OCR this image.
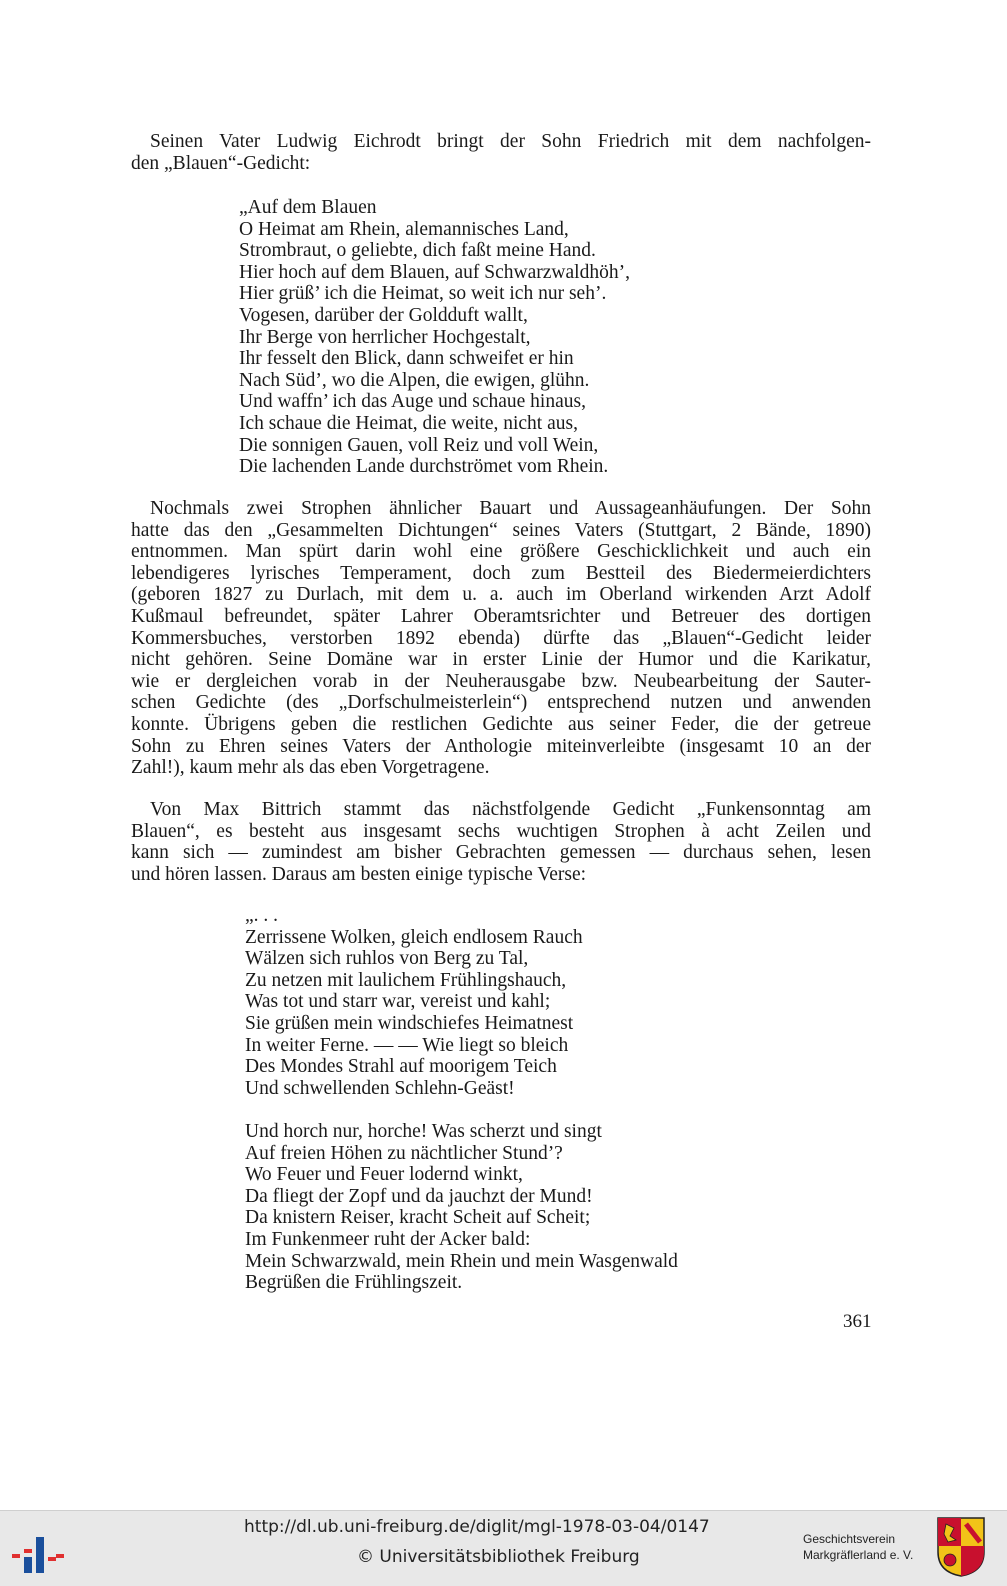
Seinen Vater Ludwig Eichrodt bringt der Sohn Friedrich mit dem nachfolgen-
den „Blauen“-Gedicht:
„Auf dem Blauen
O Heimat am Rhein, alemannisches Land,
Strombraut, o geliebte, dich faßt meine Hand.
Hier hoch auf dem Blauen, auf Schwarzwaldhöh’,
Hier grüß’ ich die Heimat, so weit ich nur seh’.
Vogesen, darüber der Goldduft wallt,
Ihr Berge von herrlicher Hochgestalt,
Ihr fesselt den Blick, dann schweifet er hin
Nach Süd’, wo die Alpen, die ewigen, glühn.
Und waffn’ ich das Auge und schaue hinaus,
Ich schaue die Heimat, die weite, nicht aus,
Die sonnigen Gauen, voll Reiz und voll Wein,
Die lachenden Lande durchströmet vom Rhein.
Nochmals zwei Strophen ähnlicher Bauart und Aussageanhäufungen. Der Sohn
hatte das den „Gesammelten Dichtungen“ seines Vaters (Stuttgart, 2 Bände, 1890)
entnommen. Man spürt darin wohl eine größere Geschicklichkeit und auch ein
lebendigeres lyrisches Temperament, doch zum Bestteil des Biedermeierdichters
(geboren 1827 zu Durlach, mit dem u. a. auch im Oberland wirkenden Arzt Adolf
Kußmaul befreundet, später Lahrer Oberamtsrichter und Betreuer des dortigen
Kommersbuches, verstorben 1892 ebenda) dürfte das „Blauen“-Gedicht leider
nicht gehören. Seine Domäne war in erster Linie der Humor und die Karikatur,
wie er dergleichen vorab in der Neuherausgabe bzw. Neubearbeitung der Sauter-
schen Gedichte (des „Dorfschulmeisterlein“) entsprechend nutzen und anwenden
konnte. Übrigens geben die restlichen Gedichte aus seiner Feder, die der getreue
Sohn zu Ehren seines Vaters der Anthologie miteinverleibte (insgesamt 10 an der
Zahl!), kaum mehr als das eben Vorgetragene.
Von Max Bittrich stammt das nächstfolgende Gedicht „Funkensonntag am
Blauen“, es besteht aus insgesamt sechs wuchtigen Strophen à acht Zeilen und
kann sich — zumindest am bisher Gebrachten gemessen — durchaus sehen, lesen
und hören lassen. Daraus am besten einige typische Verse:
„. . .
Zerrissene Wolken, gleich endlosem Rauch
Wälzen sich ruhlos von Berg zu Tal,
Zu netzen mit laulichem Frühlingshauch,
Was tot und starr war, vereist und kahl;
Sie grüßen mein windschiefes Heimatnest
In weiter Ferne. — — Wie liegt so bleich
Des Mondes Strahl auf moorigem Teich
Und schwellenden Schlehn-Geäst!
Und horch nur, horche! Was scherzt und singt
Auf freien Höhen zu nächtlicher Stund’?
Wo Feuer und Feuer lodernd winkt,
Da fliegt der Zopf und da jauchzt der Mund!
Da knistern Reiser, kracht Scheit auf Scheit;
Im Funkenmeer ruht der Acker bald:
Mein Schwarzwald, mein Rhein und mein Wasgenwald
Begrüßen die Frühlingszeit.
361
http://dl.ub.uni-freiburg.de/diglit/mgl-1978-03-04/0147
© Universitätsbibliothek Freiburg
Geschichtsverein
Markgräflerland e. V.
